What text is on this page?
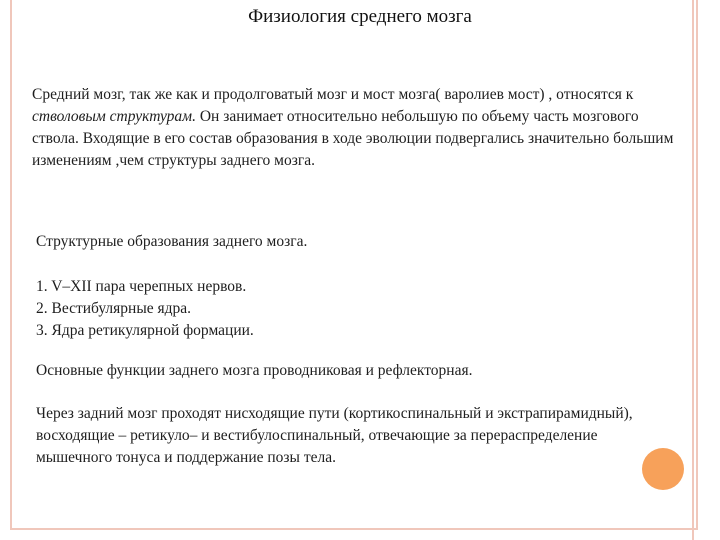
Физиология среднего мозга

Средний мозг, так же как и продолговатый мозг и мост мозга( варолиев мост) , относятся к стволовым структурам. Он занимает относительно небольшую по объему часть мозгового ствола. Входящие в его состав образования в ходе эволюции подвергались значительно большим изменениям ,чем структуры заднего мозга.

Структурные образования заднего мозга.

1. V–XII пара черепных нервов.
2. Вестибулярные ядра.
3. Ядра ретикулярной формации.

Основные функции заднего мозга проводниковая и рефлекторная.

Через задний мозг проходят нисходящие пути (кортикоспинальный и экстрапирамидный), восходящие – ретикуло– и вестибулоспинальный, отвечающие за перераспределение мышечного тонуса и поддержание позы тела.
